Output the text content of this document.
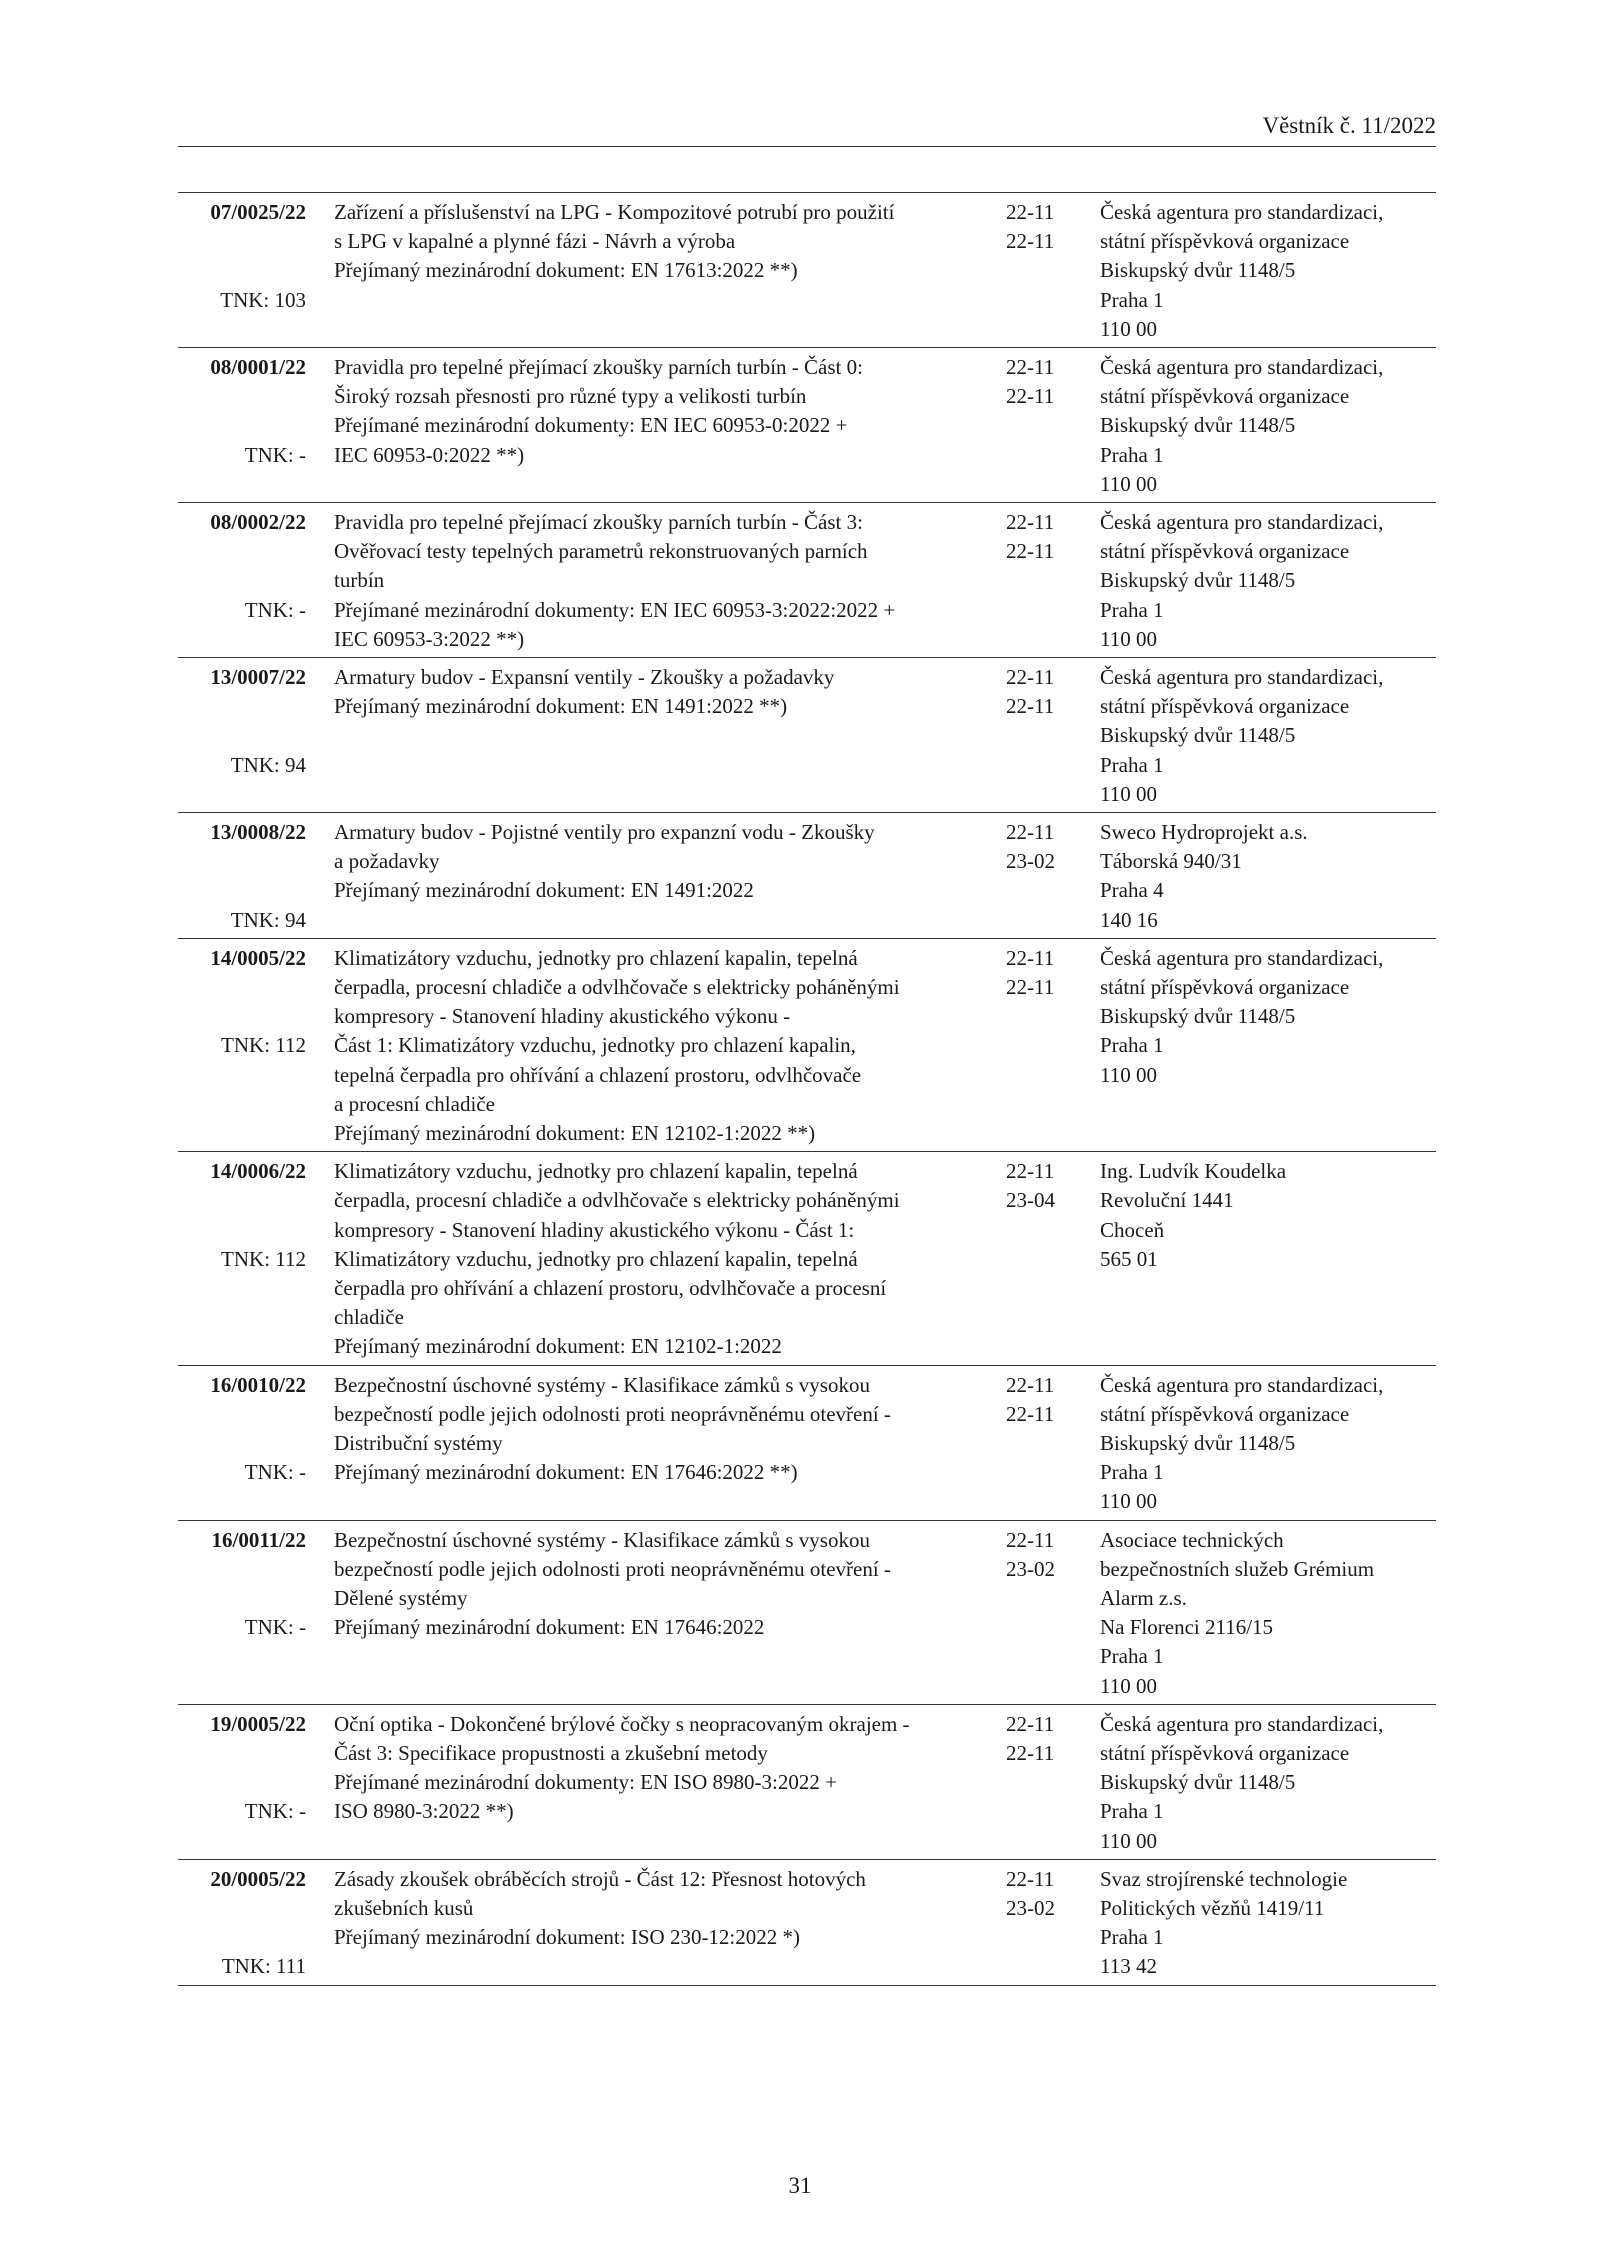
Věstník č. 11/2022
07/0025/22
TNK: 103
Zařízení a příslušenství na LPG - Kompozitové potrubí pro použití
s LPG v kapalné a plynné fázi - Návrh a výroba
Přejímaný mezinárodní dokument: EN 17613:2022 **)
22-11
22-11
Česká agentura pro standardizaci,
státní příspěvková organizace
Biskupský dvůr 1148/5
Praha 1
110 00
08/0001/22
TNK: -
Pravidla pro tepelné přejímací zkoušky parních turbín - Část 0:
Široký rozsah přesnosti pro různé typy a velikosti turbín
Přejímané mezinárodní dokumenty: EN IEC 60953-0:2022 +
IEC 60953-0:2022 **)
22-11
22-11
Česká agentura pro standardizaci,
státní příspěvková organizace
Biskupský dvůr 1148/5
Praha 1
110 00
08/0002/22
TNK: -
Pravidla pro tepelné přejímací zkoušky parních turbín - Část 3:
Ověřovací testy tepelných parametrů rekonstruovaných parních
turbín
Přejímané mezinárodní dokumenty: EN IEC 60953-3:2022:2022 +
IEC 60953-3:2022 **)
22-11
22-11
Česká agentura pro standardizaci,
státní příspěvková organizace
Biskupský dvůr 1148/5
Praha 1
110 00
13/0007/22
TNK: 94
Armatury budov - Expansní ventily - Zkoušky a požadavky
Přejímaný mezinárodní dokument: EN 1491:2022 **)
22-11
22-11
Česká agentura pro standardizaci,
státní příspěvková organizace
Biskupský dvůr 1148/5
Praha 1
110 00
13/0008/22
TNK: 94
Armatury budov - Pojistné ventily pro expanzní vodu - Zkoušky
a požadavky
Přejímaný mezinárodní dokument: EN 1491:2022
22-11
23-02
Sweco Hydroprojekt a.s.
Táborská 940/31
Praha 4
140 16
14/0005/22
TNK: 112
Klimatizátory vzduchu, jednotky pro chlazení kapalin, tepelná
čerpadla, procesní chladiče a odvlhčovače s elektricky poháněnými
kompresory - Stanovení hladiny akustického výkonu -
Část 1: Klimatizátory vzduchu, jednotky pro chlazení kapalin,
tepelná čerpadla pro ohřívání a chlazení prostoru, odvlhčovače
a procesní chladiče
Přejímaný mezinárodní dokument: EN 12102-1:2022 **)
22-11
22-11
Česká agentura pro standardizaci,
státní příspěvková organizace
Biskupský dvůr 1148/5
Praha 1
110 00
14/0006/22
TNK: 112
Klimatizátory vzduchu, jednotky pro chlazení kapalin, tepelná
čerpadla, procesní chladiče a odvlhčovače s elektricky poháněnými
kompresory - Stanovení hladiny akustického výkonu - Část 1:
Klimatizátory vzduchu, jednotky pro chlazení kapalin, tepelná
čerpadla pro ohřívání a chlazení prostoru, odvlhčovače a procesní
chladiče
Přejímaný mezinárodní dokument: EN 12102-1:2022
22-11
23-04
Ing. Ludvík Koudelka
Revoluční 1441
Choceň
565 01
16/0010/22
TNK: -
Bezpečnostní úschovné systémy - Klasifikace zámků s vysokou
bezpečností podle jejich odolnosti proti neoprávněnému otevření -
Distribuční systémy
Přejímaný mezinárodní dokument: EN 17646:2022 **)
22-11
22-11
Česká agentura pro standardizaci,
státní příspěvková organizace
Biskupský dvůr 1148/5
Praha 1
110 00
16/0011/22
TNK: -
Bezpečnostní úschovné systémy - Klasifikace zámků s vysokou
bezpečností podle jejich odolnosti proti neoprávněnému otevření -
Dělené systémy
Přejímaný mezinárodní dokument: EN 17646:2022
22-11
23-02
Asociace technických
bezpečnostních služeb Grémium
Alarm z.s.
Na Florenci 2116/15
Praha 1
110 00
19/0005/22
TNK: -
Oční optika - Dokončené brýlové čočky s neopracovaným okrajem -
Část 3: Specifikace propustnosti a zkušební metody
Přejímané mezinárodní dokumenty: EN ISO 8980-3:2022 +
ISO 8980-3:2022 **)
22-11
22-11
Česká agentura pro standardizaci,
státní příspěvková organizace
Biskupský dvůr 1148/5
Praha 1
110 00
20/0005/22
TNK: 111
Zásady zkoušek obráběcích strojů - Část 12: Přesnost hotových
zkušebních kusů
Přejímaný mezinárodní dokument: ISO 230-12:2022 *)
22-11
23-02
Svaz strojírenské technologie
Politických vězňů 1419/11
Praha 1
113 42
31
